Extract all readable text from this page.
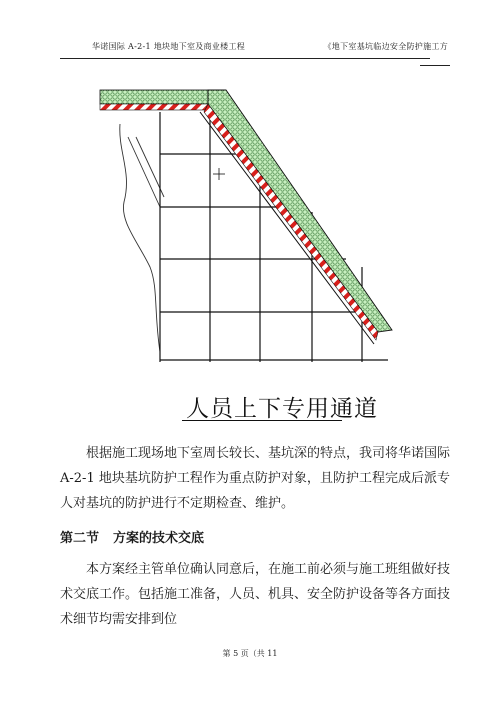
华诺国际 A-2-1 地块地下室及商业楼工程	《地下室基坑临边安全防护施工方
人员上下专用通道
根据施工现场地下室周长较长、基坑深的特点，我司将华诺国际 A-2-1 地块基坑防护工程作为重点防护对象，且防护工程完成后派专人对基坑的防护进行不定期检查、维护。
第二节 方案的技术交底
本方案经主管单位确认同意后，在施工前必须与施工班组做好技术交底工作。包括施工准备，人员、机具、安全防护设备等各方面技术细节均需安排到位
第 5 页（共 11
